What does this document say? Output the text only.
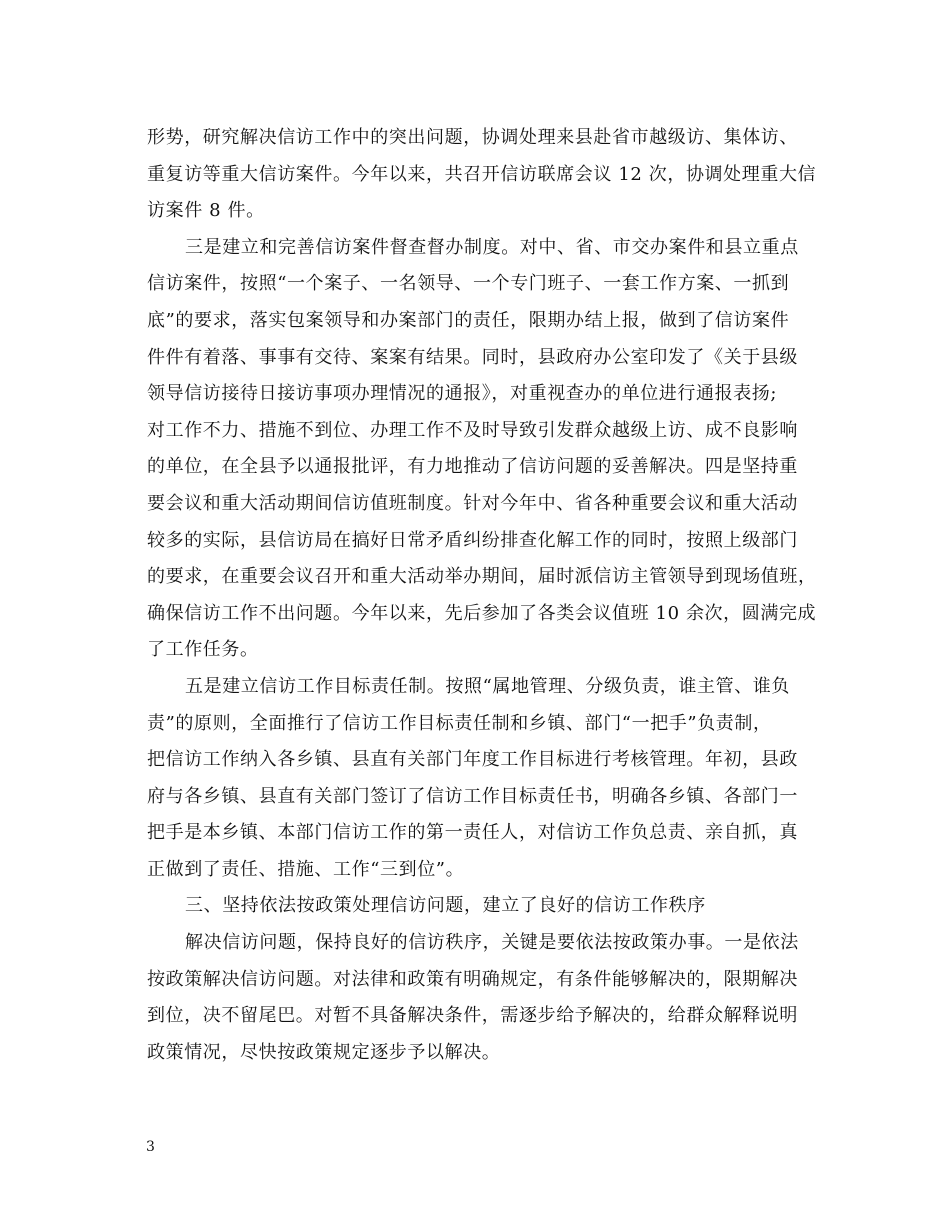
形势，研究解决信访工作中的突出问题，协调处理来县赴省市越级访、集体访、
重复访等重大信访案件。今年以来，共召开信访联席会议 12 次，协调处理重大信
访案件 8 件。
三是建立和完善信访案件督查督办制度。对中、省、市交办案件和县立重点
信访案件，按照“一个案子、一名领导、一个专门班子、一套工作方案、一抓到
底”的要求，落实包案领导和办案部门的责任，限期办结上报，做到了信访案件
件件有着落、事事有交待、案案有结果。同时，县政府办公室印发了《关于县级
领导信访接待日接访事项办理情况的通报》，对重视查办的单位进行通报表扬;
对工作不力、措施不到位、办理工作不及时导致引发群众越级上访、成不良影响
的单位，在全县予以通报批评，有力地推动了信访问题的妥善解决。四是坚持重
要会议和重大活动期间信访值班制度。针对今年中、省各种重要会议和重大活动
较多的实际，县信访局在搞好日常矛盾纠纷排查化解工作的同时，按照上级部门
的要求，在重要会议召开和重大活动举办期间，届时派信访主管领导到现场值班，
确保信访工作不出问题。今年以来，先后参加了各类会议值班 10 余次，圆满完成
了工作任务。
五是建立信访工作目标责任制。按照“属地管理、分级负责，谁主管、谁负
责”的原则，全面推行了信访工作目标责任制和乡镇、部门“一把手”负责制，
把信访工作纳入各乡镇、县直有关部门年度工作目标进行考核管理。年初，县政
府与各乡镇、县直有关部门签订了信访工作目标责任书，明确各乡镇、各部门一
把手是本乡镇、本部门信访工作的第一责任人，对信访工作负总责、亲自抓，真
正做到了责任、措施、工作“三到位”。
三、坚持依法按政策处理信访问题，建立了良好的信访工作秩序
解决信访问题，保持良好的信访秩序，关键是要依法按政策办事。一是依法
按政策解决信访问题。对法律和政策有明确规定，有条件能够解决的，限期解决
到位，决不留尾巴。对暂不具备解决条件，需逐步给予解决的，给群众解释说明
政策情况，尽快按政策规定逐步予以解决。
3
